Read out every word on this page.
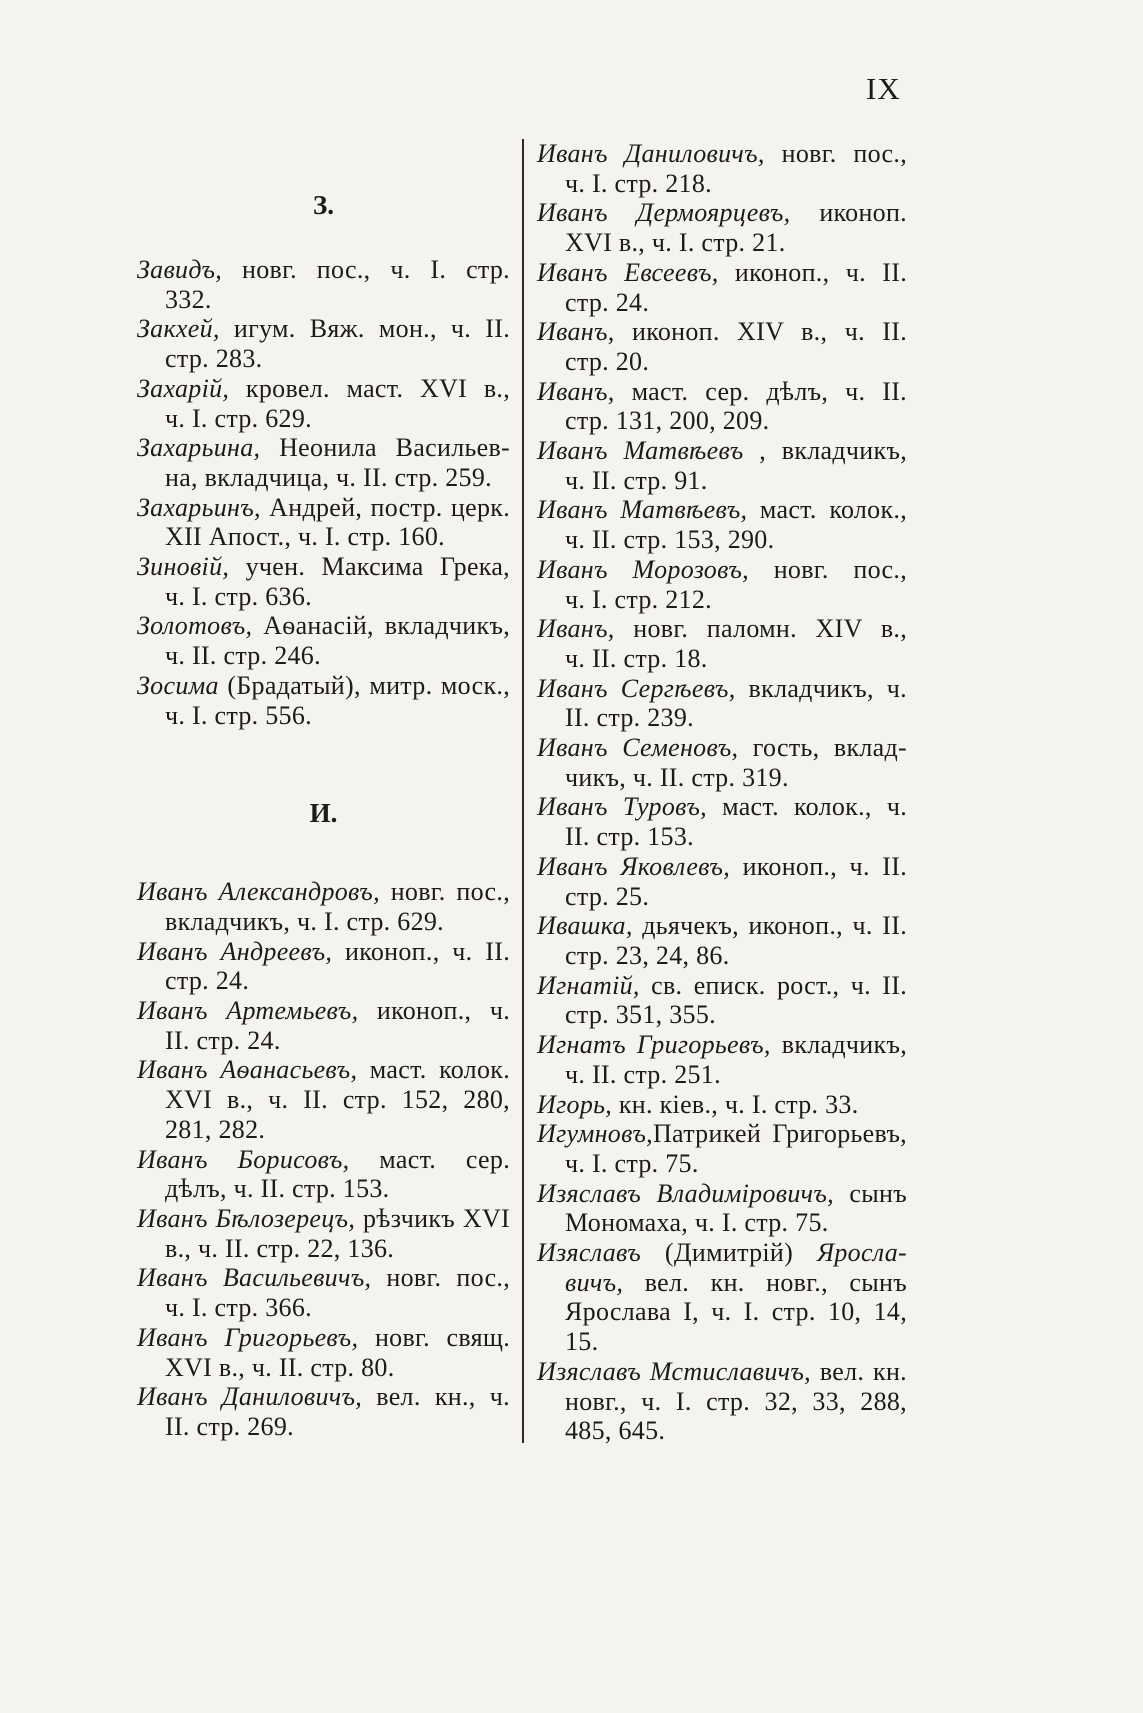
IX
З.
Завидъ, новг. пос., ч. I. стр.
332.
Закхей, игум. Вяж. мон., ч. II.
стр. 283.
Захарій, кровел. маст. XVI в.,
ч. I. стр. 629.
Захарьина, Неонила Васильев-
на, вкладчица, ч. II. стр. 259.
Захарьинъ, Андрей, постр. церк.
XII Апост., ч. I. стр. 160.
Зиновій, учен. Максима Грека,
ч. I. стр. 636.
Золотовъ, Аѳанасій, вкладчикъ,
ч. II. стр. 246.
Зосима (Брадатый), митр. моск.,
ч. I. стр. 556.
И.
Иванъ Александровъ, новг. пос.,
вкладчикъ, ч. I. стр. 629.
Иванъ Андреевъ, иконоп., ч. II.
стр. 24.
Иванъ Артемьевъ, иконоп., ч.
II. стр. 24.
Иванъ Аѳанасьевъ, маст. колок.
XVI в., ч. II. стр. 152, 280,
281, 282.
Иванъ Борисовъ, маст. сер.
дѣлъ, ч. II. стр. 153.
Иванъ Бѣлозерецъ, рѣзчикъ XVI
в., ч. II. стр. 22, 136.
Иванъ Васильевичъ, новг. пос.,
ч. I. стр. 366.
Иванъ Григорьевъ, новг. свящ.
XVI в., ч. II. стр. 80.
Иванъ Даниловичъ, вел. кн., ч.
II. стр. 269.
Иванъ Даниловичъ, новг. пос.,
ч. I. стр. 218.
Иванъ Дермоярцевъ, иконоп.
XVI в., ч. I. стр. 21.
Иванъ Евсеевъ, иконоп., ч. II.
стр. 24.
Иванъ, иконоп. XIV в., ч. II.
стр. 20.
Иванъ, маст. сер. дѣлъ, ч. II.
стр. 131, 200, 209.
Иванъ Матвѣевъ , вкладчикъ,
ч. II. стр. 91.
Иванъ Матвѣевъ, маст. колок.,
ч. II. стр. 153, 290.
Иванъ Морозовъ, новг. пос.,
ч. I. стр. 212.
Иванъ, новг. паломн. XIV в.,
ч. II. стр. 18.
Иванъ Сергѣевъ, вкладчикъ, ч.
II. стр. 239.
Иванъ Семеновъ, гость, вклад-
чикъ, ч. II. стр. 319.
Иванъ Туровъ, маст. колок., ч.
II. стр. 153.
Иванъ Яковлевъ, иконоп., ч. II.
стр. 25.
Ивашка, дьячекъ, иконоп., ч. II.
стр. 23, 24, 86.
Игнатій, св. еписк. рост., ч. II.
стр. 351, 355.
Игнатъ Григорьевъ, вкладчикъ,
ч. II. стр. 251.
Игорь, кн. кіев., ч. I. стр. 33.
Игумновъ,Патрикей Григорьевъ,
ч. I. стр. 75.
Изяславъ Владиміровичъ, сынъ
Мономаха, ч. I. стр. 75.
Изяславъ (Димитрій) Яросла-
вичъ, вел. кн. новг., сынъ
Ярослава I, ч. I. стр. 10, 14,
15.
Изяславъ Мстиславичъ, вел. кн.
новг., ч. I. стр. 32, 33, 288,
485, 645.
